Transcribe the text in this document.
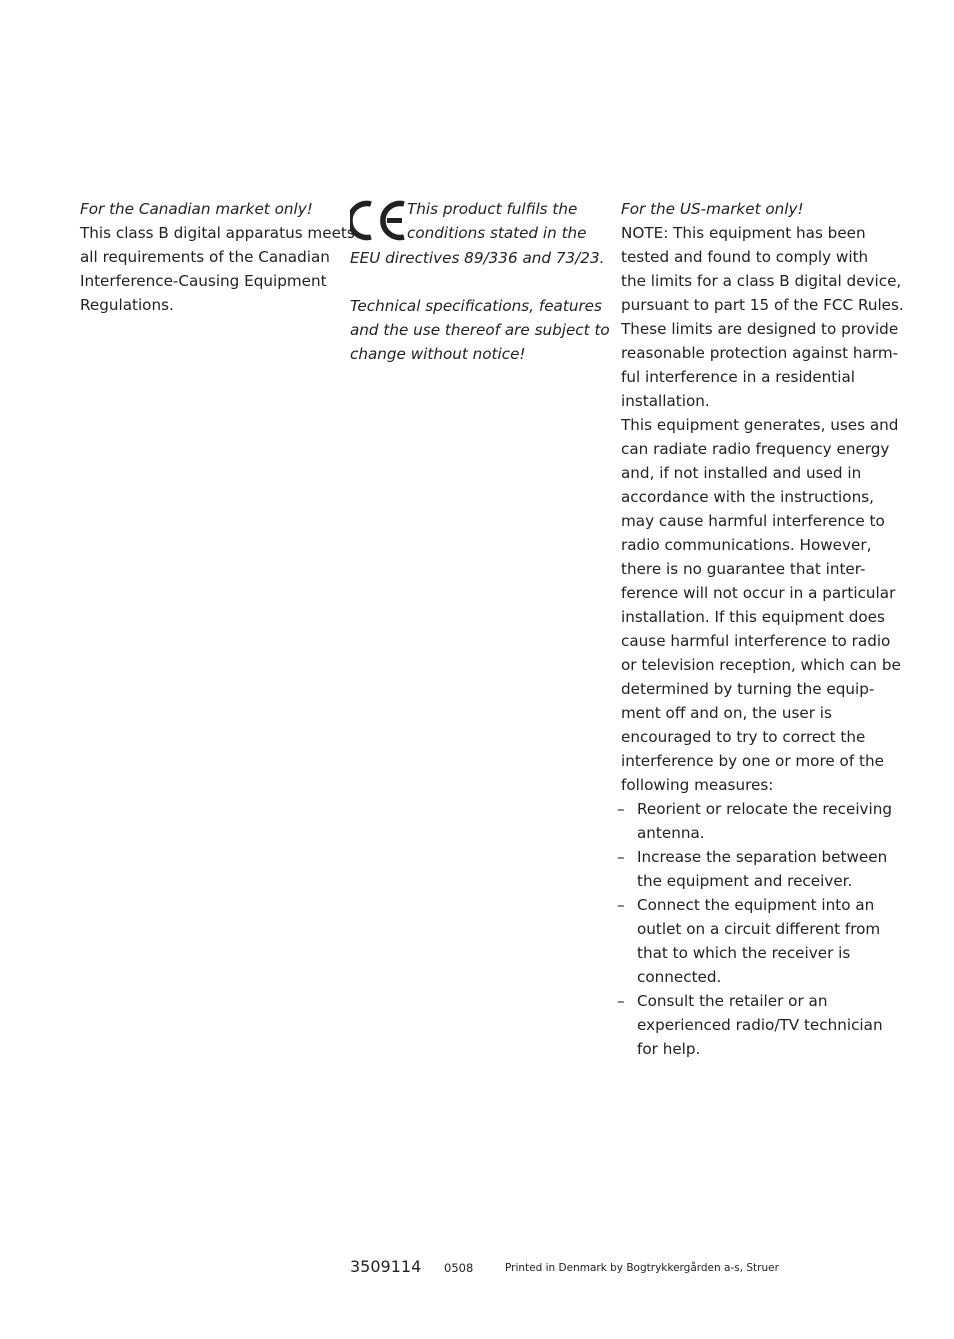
For the Canadian market only!
This class B digital apparatus meets
all requirements of the Canadian
Interference-Causing Equipment
Regulations.
This product fulfils the
conditions stated in the
EEU directives 89/336 and 73/23.
Technical specifications, features
and the use thereof are subject to
change without notice!
For the US-market only!
NOTE: This equipment has been
tested and found to comply with
the limits for a class B digital device,
pursuant to part 15 of the FCC Rules.
These limits are designed to provide
reasonable protection against harm-
ful interference in a residential
installation.
This equipment generates, uses and
can radiate radio frequency energy
and, if not installed and used in
accordance with the instructions,
may cause harmful interference to
radio communications. However,
there is no guarantee that inter-
ference will not occur in a particular
installation. If this equipment does
cause harmful interference to radio
or television reception, which can be
determined by turning the equip-
ment off and on, the user is
encouraged to try to correct the
interference by one or more of the
following measures:
– Reorient or relocate the receiving
antenna.
– Increase the separation between
the equipment and receiver.
– Connect the equipment into an
outlet on a circuit different from
that to which the receiver is
connected.
– Consult the retailer or an
experienced radio/TV technician
for help.
3509114 0508	Printed in Denmark by Bogtrykkergården a-s, Struer
